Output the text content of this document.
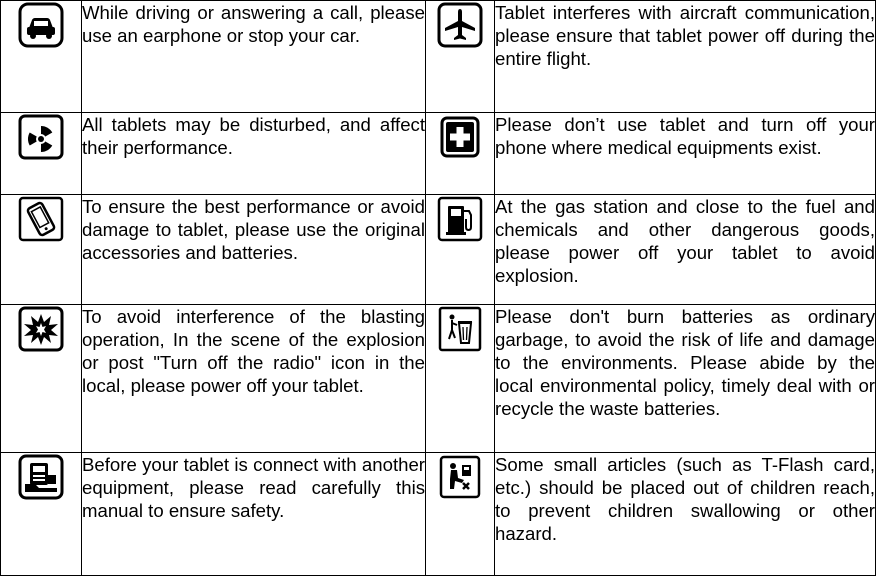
	While driving or answering a call, please use an earphone or stop your car.		Tablet interferes with aircraft communication, please ensure that tablet power off during the entire flight.

	All tablets may be disturbed, and affect their performance.		Please don’t use tablet and turn off your phone where medical equipments exist.

	To ensure the best performance or avoid damage to tablet, please use the original accessories and batteries.		At the gas station and close to the fuel and chemicals and other dangerous goods, please power off your tablet to avoid explosion.

	To avoid interference of the blasting operation, In the scene of the explosion or post "Turn off the radio" icon in the local, please power off your tablet.		Please don't burn batteries as ordinary garbage, to avoid the risk of life and damage to the environments. Please abide by the local environmental policy, timely deal with or recycle the waste batteries.

	Before your tablet is connect with another equipment, please read carefully this manual to ensure safety.		Some small articles (such as T-Flash card, etc.) should be placed out of children reach, to prevent children swallowing or other hazard.
